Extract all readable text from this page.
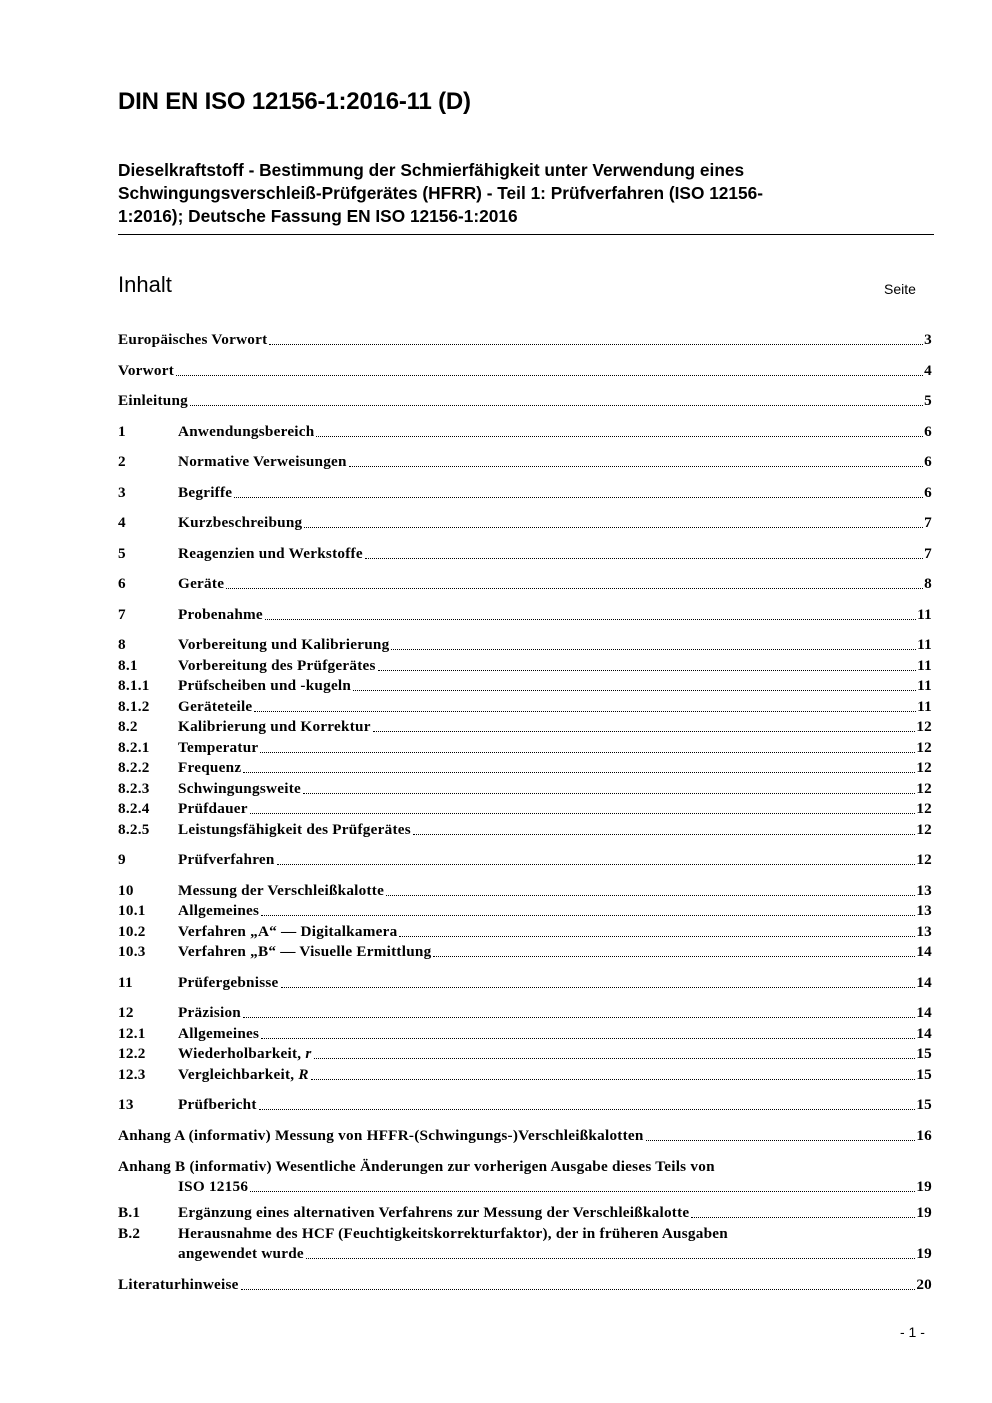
DIN EN ISO 12156-1:2016-11 (D)
Dieselkraftstoff - Bestimmung der Schmierfähigkeit unter Verwendung eines
Schwingungsverschleiß-Prüfgerätes (HFRR) - Teil 1: Prüfverfahren (ISO 12156-
1:2016); Deutsche Fassung EN ISO 12156-1:2016
Inhalt	Seite
Europäisches Vorwort	3
Vorwort	4
Einleitung	5
1	Anwendungsbereich	6
2	Normative Verweisungen	6
3	Begriffe	6
4	Kurzbeschreibung	7
5	Reagenzien und Werkstoffe	7
6	Geräte	8
7	Probenahme	11
8	Vorbereitung und Kalibrierung	11
8.1	Vorbereitung des Prüfgerätes	11
8.1.1	Prüfscheiben und -kugeln	11
8.1.2	Geräteteile	11
8.2	Kalibrierung und Korrektur	12
8.2.1	Temperatur	12
8.2.2	Frequenz	12
8.2.3	Schwingungsweite	12
8.2.4	Prüfdauer	12
8.2.5	Leistungsfähigkeit des Prüfgerätes	12
9	Prüfverfahren	12
10	Messung der Verschleißkalotte	13
10.1	Allgemeines	13
10.2	Verfahren „A“ — Digitalkamera	13
10.3	Verfahren „B“ — Visuelle Ermittlung	14
11	Prüfergebnisse	14
12	Präzision	14
12.1	Allgemeines	14
12.2	Wiederholbarkeit, r	15
12.3	Vergleichbarkeit, R	15
13	Prüfbericht	15
Anhang A (informativ) Messung von HFFR-(Schwingungs-)Verschleißkalotten	16
Anhang B (informativ) Wesentliche Änderungen zur vorherigen Ausgabe dieses Teils von
ISO 12156	19
B.1	Ergänzung eines alternativen Verfahrens zur Messung der Verschleißkalotte	19
B.2	Herausnahme des HCF (Feuchtigkeitskorrekturfaktor), der in früheren Ausgaben
angewendet wurde	19
Literaturhinweise	20
- 1 -
